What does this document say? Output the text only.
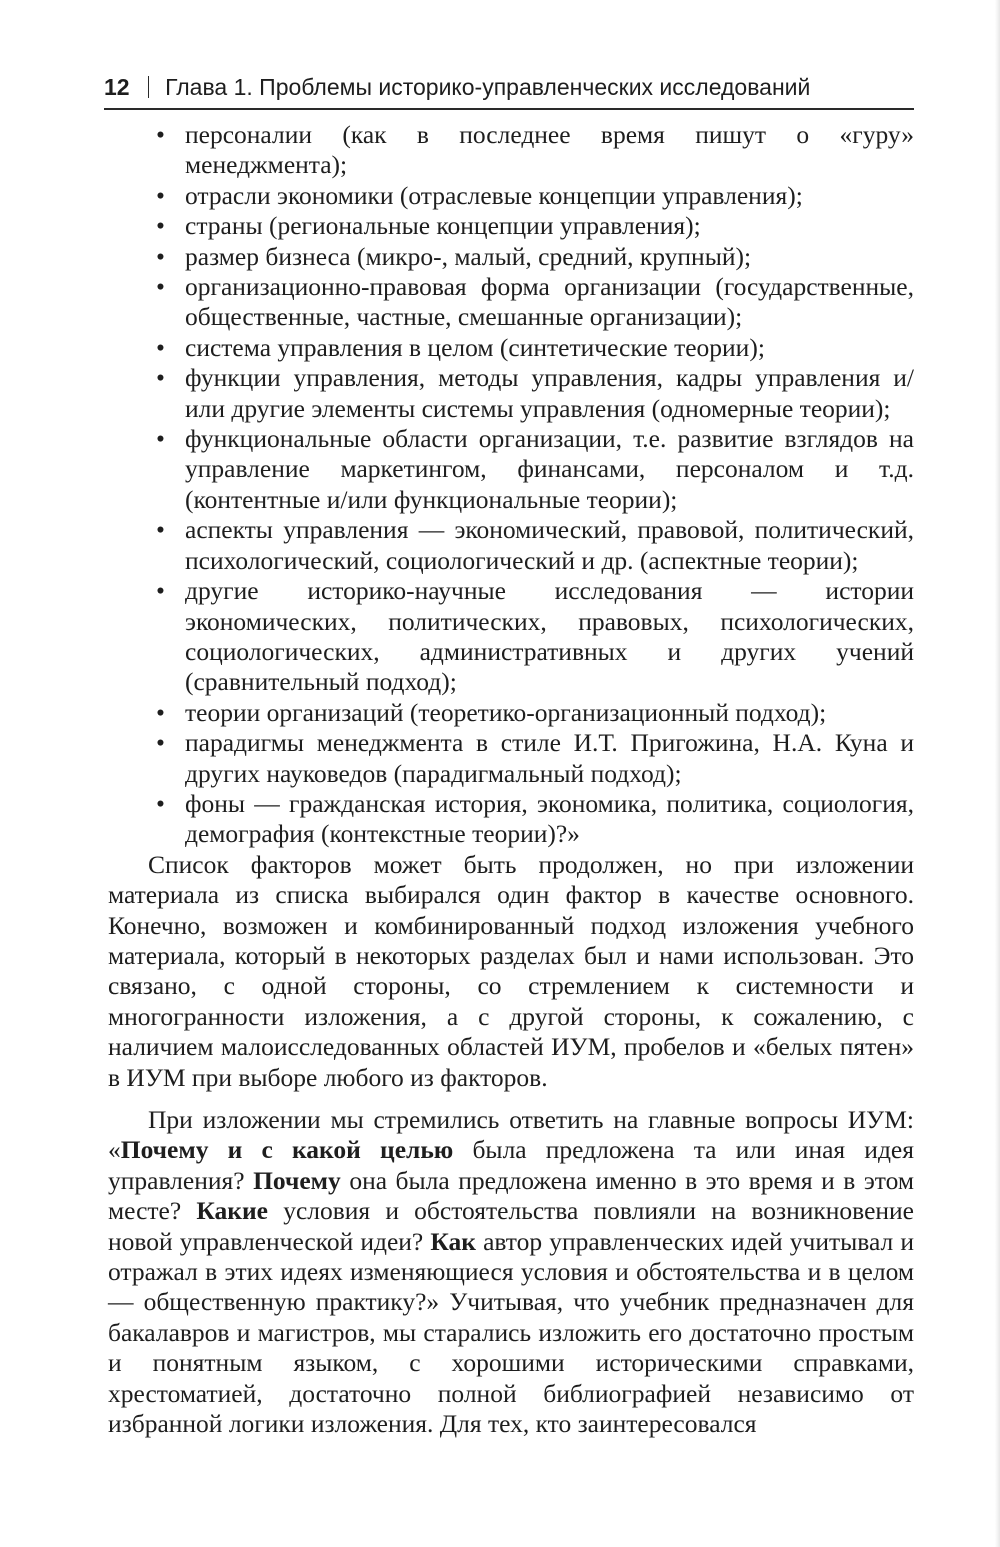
12 Глава 1. Проблемы историко-управленческих исследований
• персоналии (как в последнее время пишут о «гуру» менеджмента);
• отрасли экономики (отраслевые концепции управления);
• страны (региональные концепции управления);
• размер бизнеса (микро-, малый, средний, крупный);
• организационно-правовая форма организации (государственные, общественные, частные, смешанные организации);
• система управления в целом (синтетические теории);
• функции управления, методы управления, кадры управления и/или другие элементы системы управления (одномерные теории);
• функциональные области организации, т.е. развитие взглядов на управление маркетингом, финансами, персоналом и т.д. (контентные и/или функциональные теории);
• аспекты управления — экономический, правовой, политический, психологический, социологический и др. (аспектные теории);
• другие историко-научные исследования — истории экономических, политических, правовых, психологических, социологических, административных и других учений (сравнительный подход);
• теории организаций (теоретико-организационный подход);
• парадигмы менеджмента в стиле И.Т. Пригожина, Н.А. Куна и других науковедов (парадигмальный подход);
• фоны — гражданская история, экономика, политика, социология, демография (контекстные теории)?»

Список факторов может быть продолжен, но при изложении материала из списка выбирался один фактор в качестве основного. Конечно, возможен и комбинированный подход изложения учебного материала, который в некоторых разделах был и нами использован. Это связано, с одной стороны, со стремлением к системности и многогранности изложения, а с другой стороны, к сожалению, с наличием малоисследованных областей ИУМ, пробелов и «белых пятен» в ИУМ при выборе любого из факторов.

При изложении мы стремились ответить на главные вопросы ИУМ: «Почему и с какой целью была предложена та или иная идея управления? Почему она была предложена именно в это время и в этом месте? Какие условия и обстоятельства повлияли на возникновение новой управленческой идеи? Как автор управленческих идей учитывал и отражал в этих идеях изменяющиеся условия и обстоятельства и в целом — общественную практику?» Учитывая, что учебник предназначен для бакалавров и магистров, мы старались изложить его достаточно простым и понятным языком, с хорошими историческими справками, хрестоматией, достаточно полной библиографией независимо от избранной логики изложения. Для тех, кто заинтересовался
